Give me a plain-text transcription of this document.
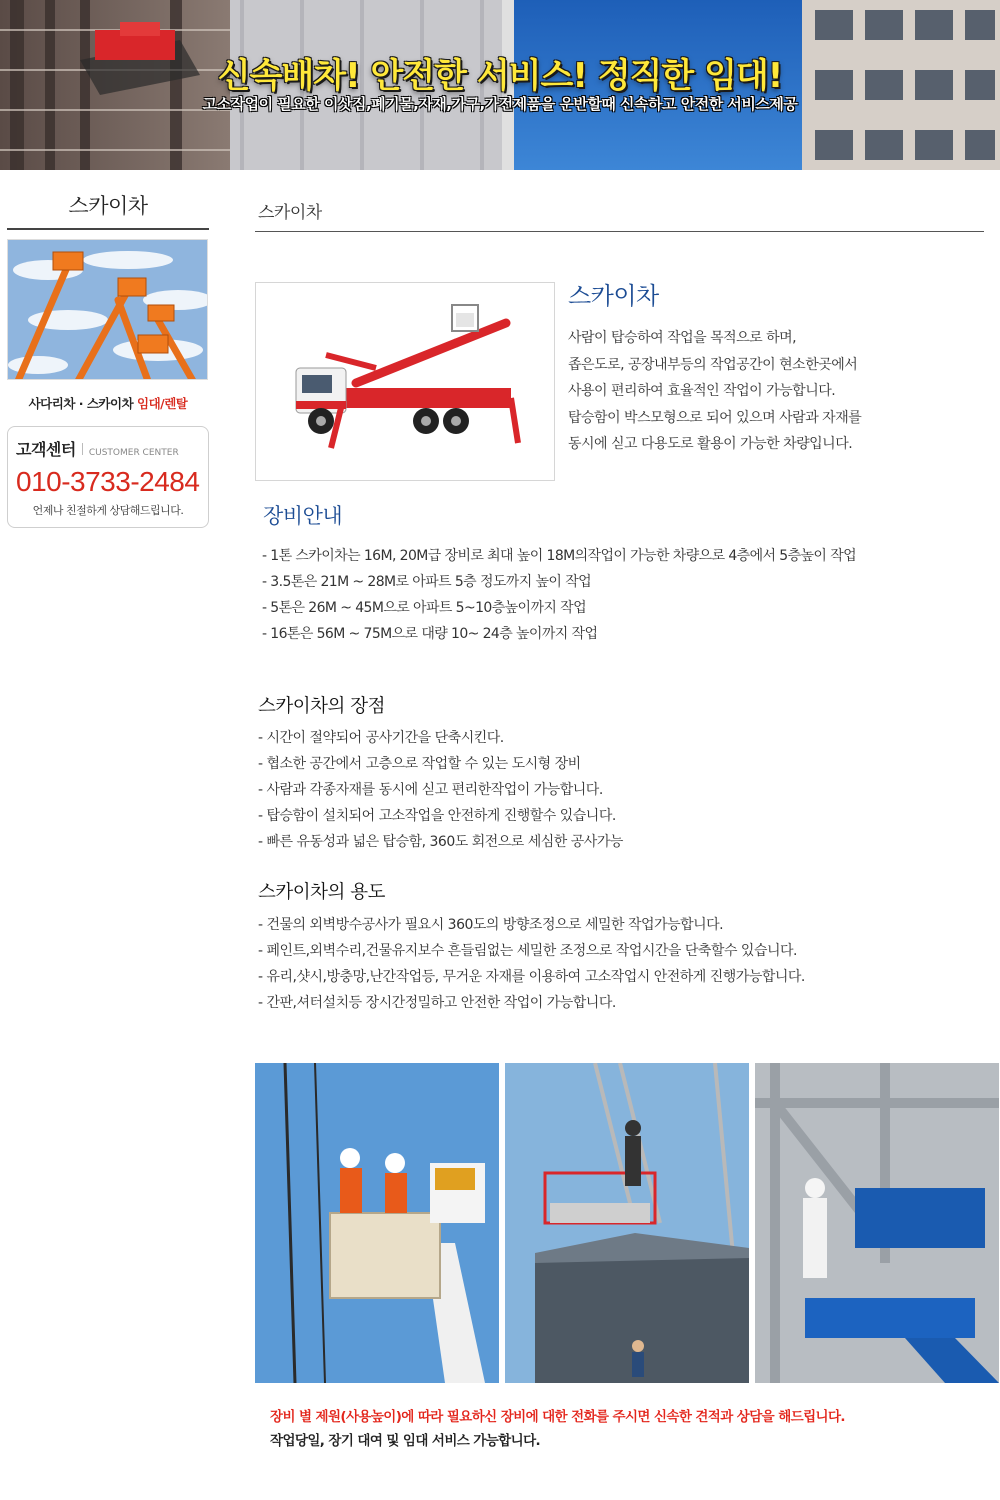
신속배차! 안전한 서비스! 정직한 임대!
고소작업이 필요한 이삿짐,폐기물,자재,가구,가전제품을 운반할때 신속하고 안전한 서비스제공
스카이차
사다리차 · 스카이차 임대/렌탈
고객센터 CUSTOMER CENTER
010-3733-2484
언제나 친절하게 상담해드립니다.
스카이차
스카이차
사람이 탑승하여 작업을 목적으로 하며,
좁은도로, 공장내부등의 작업공간이 현소한곳에서
사용이 편리하여 효율적인 작업이 가능합니다.
탑승함이 박스모형으로 되어 있으며 사람과 자재를
동시에 싣고 다용도로 활용이 가능한 차량입니다.
장비안내
- 1톤 스카이차는 16M, 20M급 장비로 최대 높이 18M의작업이 가능한 차량으로 4층에서 5층높이 작업
- 3.5톤은 21M ~ 28M로 아파트 5층 정도까지 높이 작업
- 5톤은 26M ~ 45M으로 아파트 5~10층높이까지 작업
- 16톤은 56M ~ 75M으로 대량 10~ 24층 높이까지 작업
스카이차의 장점
- 시간이 절약되어 공사기간을 단축시킨다.
- 협소한 공간에서 고층으로 작업할 수 있는 도시형 장비
- 사람과 각종자재를 동시에 싣고 편리한작업이 가능합니다.
- 탑승함이 설치되어 고소작업을 안전하게 진행할수 있습니다.
- 빠른 유동성과 넓은 탑승함, 360도 회전으로 세심한 공사가능
스카이차의 용도
- 건물의 외벽방수공사가 필요시 360도의 방향조정으로 세밀한 작업가능합니다.
- 페인트,외벽수리,건물유지보수 흔들림없는 세밀한 조정으로 작업시간을 단축할수 있습니다.
- 유리,샷시,방충망,난간작업등, 무거운 자재를 이용하여 고소작업시 안전하게 진행가능합니다.
- 간판,셔터설치등 장시간정밀하고 안전한 작업이 가능합니다.
장비 별 제원(사용높이)에 따라 필요하신 장비에 대한 전화를 주시면 신속한 견적과 상담을 해드립니다.
작업당일, 장기 대여 및 임대 서비스 가능합니다.
